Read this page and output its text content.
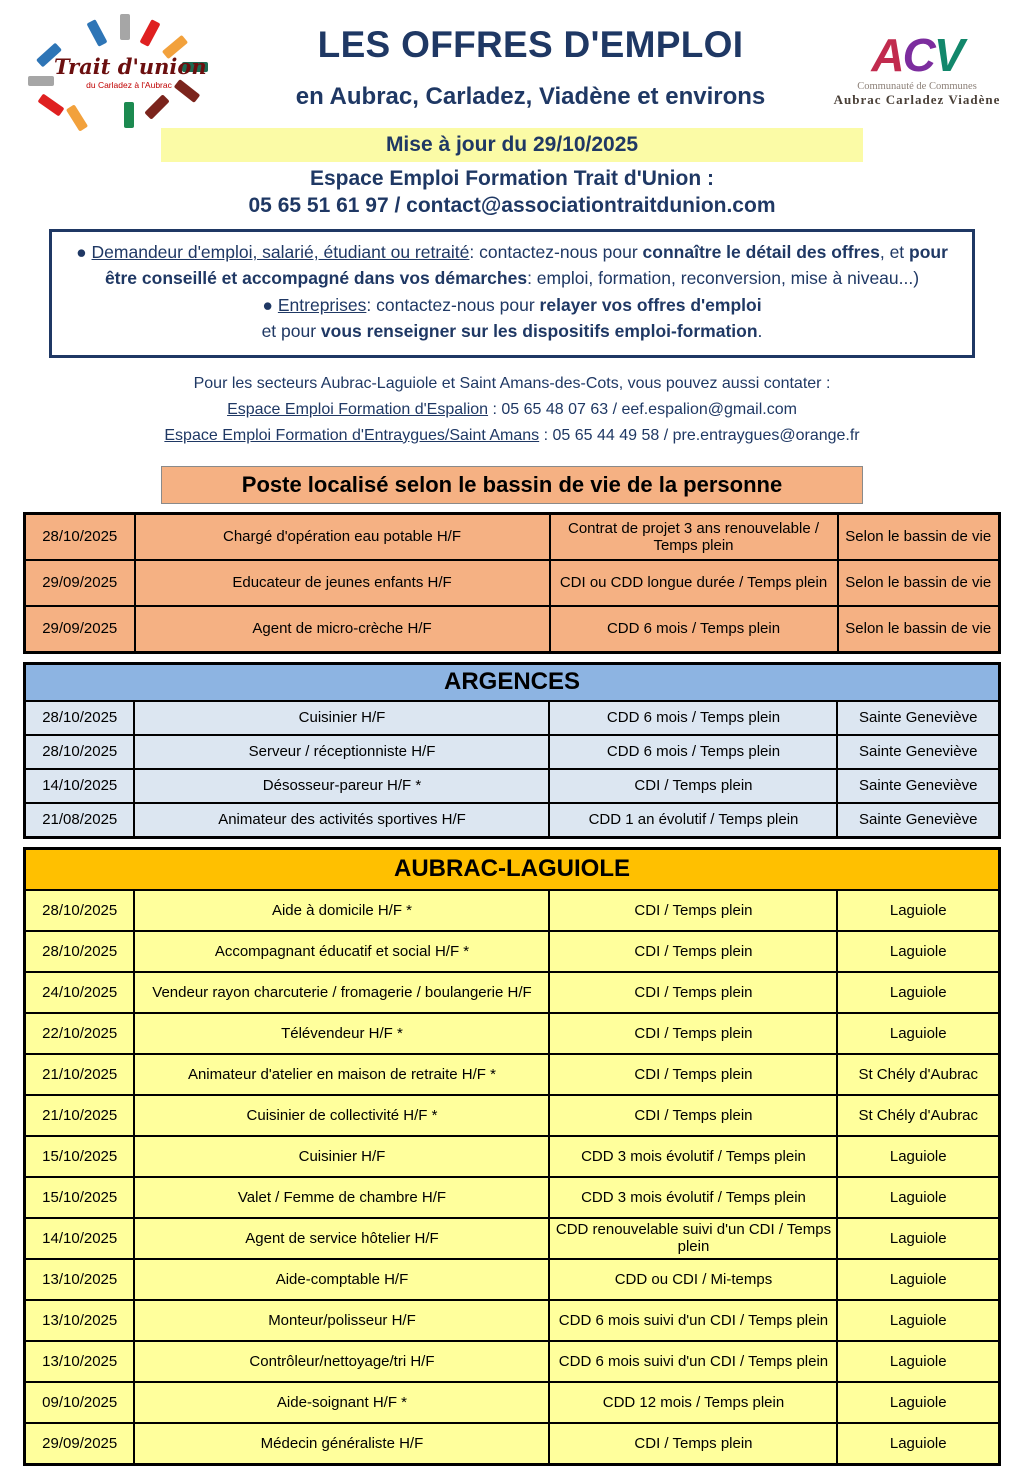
Trait d'union
du Carladez à l'Aubrac
LES OFFRES D'EMPLOI
en Aubrac, Carladez, Viadène et environs
ACV
Communauté de Communes
Aubrac Carladez Viadène
Mise à jour du 29/10/2025
Espace Emploi Formation Trait d'Union :
05 65 51 61 97 / contact@associationtraitdunion.com
● Demandeur d'emploi, salarié, étudiant ou retraité: contactez-nous pour connaître le détail des offres, et pour être conseillé et accompagné dans vos démarches: emploi, formation, reconversion, mise à niveau...)
● Entreprises: contactez-nous pour relayer vos offres d'emploi
et pour vous renseigner sur les dispositifs emploi-formation.
Pour les secteurs Aubrac-Laguiole et Saint Amans-des-Cots, vous pouvez aussi contater :
Espace Emploi Formation d'Espalion : 05 65 48 07 63 / eef.espalion@gmail.com
Espace Emploi Formation d'Entraygues/Saint Amans : 05 65 44 49 58 / pre.entraygues@orange.fr
Poste localisé selon le bassin de vie de la personne
28/10/2025	Chargé d'opération eau potable H/F	Contrat de projet 3 ans renouvelable / Temps plein	Selon le bassin de vie
29/09/2025	Educateur de jeunes enfants H/F	CDI ou CDD longue durée / Temps plein	Selon le bassin de vie
29/09/2025	Agent de micro-crèche H/F	CDD 6 mois / Temps plein	Selon le bassin de vie
ARGENCES			
28/10/2025	Cuisinier H/F	CDD 6 mois / Temps plein	Sainte Geneviève
28/10/2025	Serveur / réceptionniste H/F	CDD 6 mois / Temps plein	Sainte Geneviève
14/10/2025	Désosseur-pareur H/F *	CDI / Temps plein	Sainte Geneviève
21/08/2025	Animateur des activités sportives H/F	CDD 1 an évolutif / Temps plein	Sainte Geneviève
AUBRAC-LAGUIOLE			
28/10/2025	Aide à domicile H/F *	CDI / Temps plein	Laguiole
28/10/2025	Accompagnant éducatif et social H/F *	CDI / Temps plein	Laguiole
24/10/2025	Vendeur rayon charcuterie / fromagerie / boulangerie H/F	CDI / Temps plein	Laguiole
22/10/2025	Télévendeur H/F *	CDI / Temps plein	Laguiole
21/10/2025	Animateur d'atelier en maison de retraite H/F *	CDI / Temps plein	St Chély d'Aubrac
21/10/2025	Cuisinier de collectivité H/F *	CDI / Temps plein	St Chély d'Aubrac
15/10/2025	Cuisinier H/F	CDD 3 mois évolutif / Temps plein	Laguiole
15/10/2025	Valet / Femme de chambre H/F	CDD 3 mois évolutif / Temps plein	Laguiole
14/10/2025	Agent de service hôtelier H/F	CDD renouvelable suivi d'un CDI / Temps plein	Laguiole
13/10/2025	Aide-comptable H/F	CDD ou CDI / Mi-temps	Laguiole
13/10/2025	Monteur/polisseur H/F	CDD 6 mois suivi d'un CDI / Temps plein	Laguiole
13/10/2025	Contrôleur/nettoyage/tri H/F	CDD 6 mois suivi d'un CDI / Temps plein	Laguiole
09/10/2025	Aide-soignant H/F *	CDD 12 mois / Temps plein	Laguiole
29/09/2025	Médecin généraliste H/F	CDI / Temps plein	Laguiole
